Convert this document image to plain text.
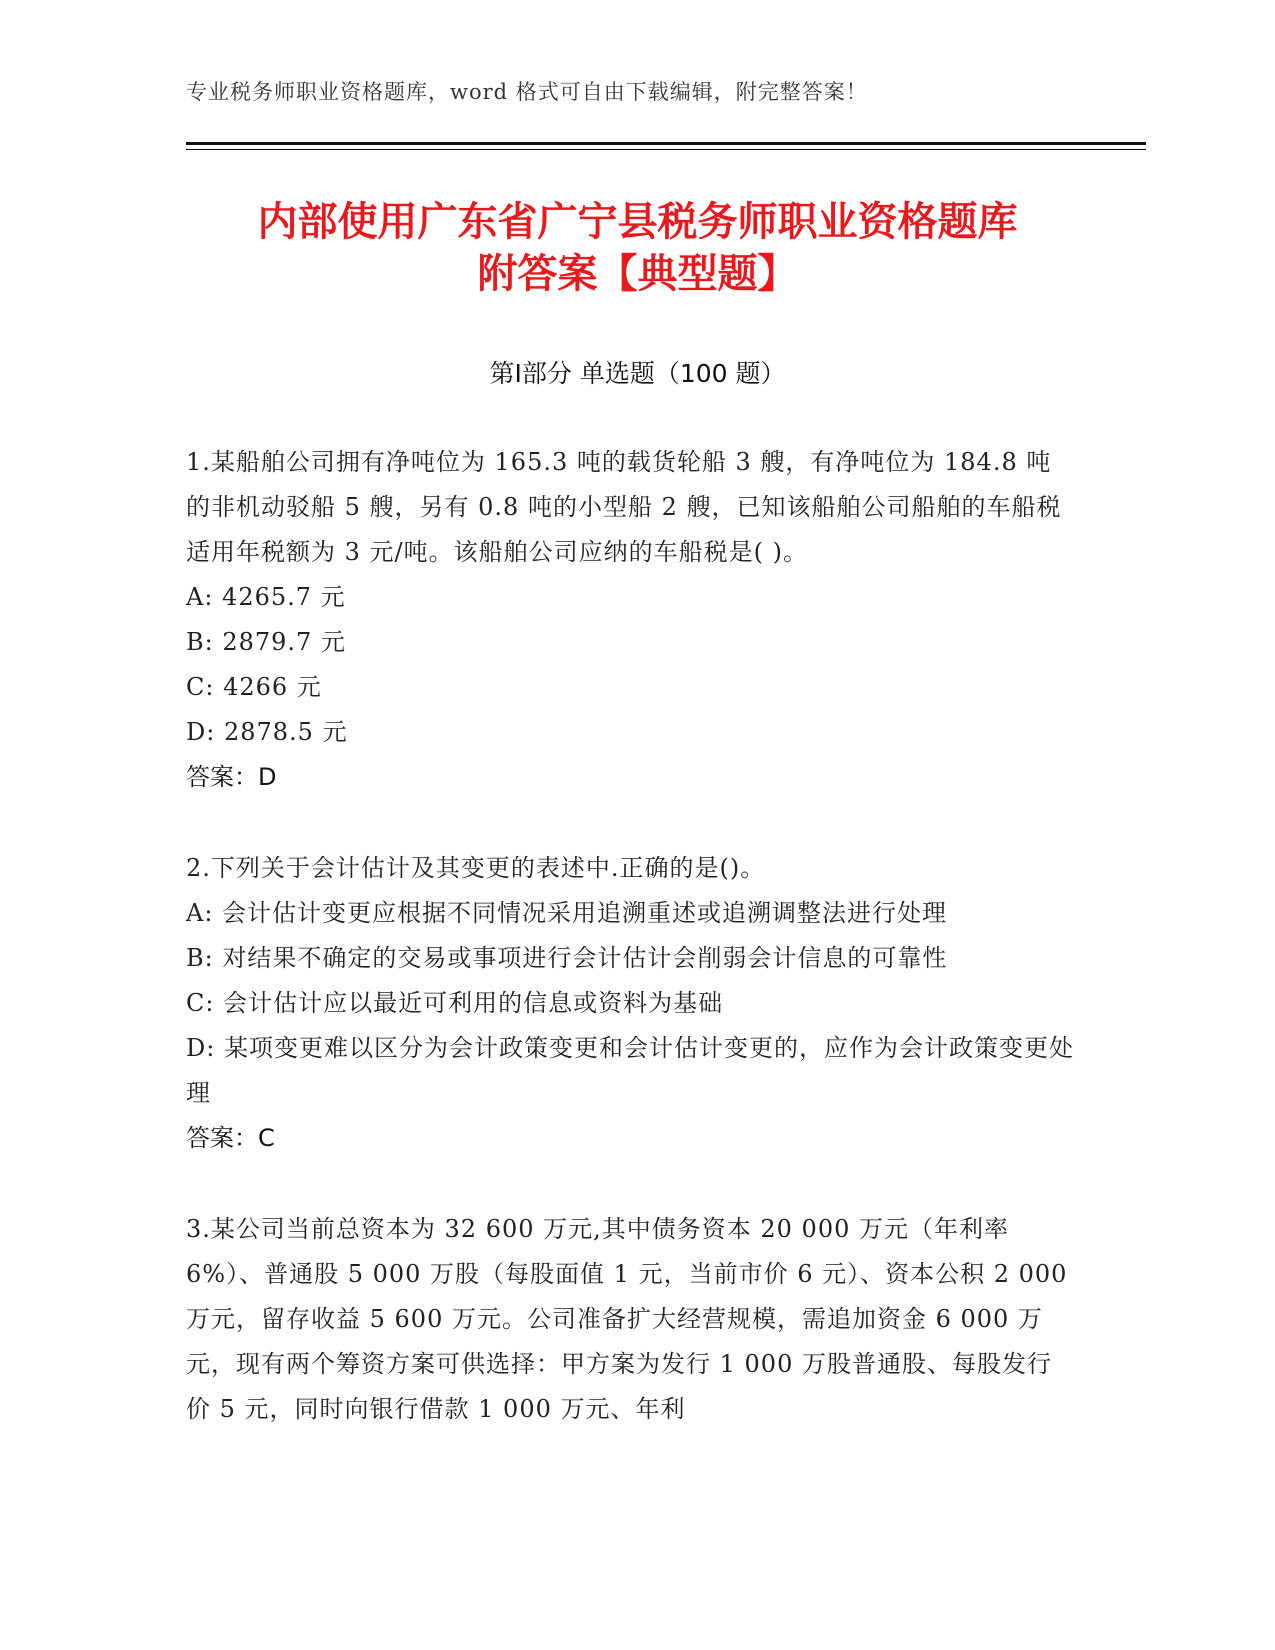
专业税务师职业资格题库，word 格式可自由下载编辑，附完整答案！
内部使用广东省广宁县税务师职业资格题库
附答案【典型题】
第Ⅰ部分 单选题（100 题）

1.某船舶公司拥有净吨位为 165.3 吨的载货轮船 3 艘，有净吨位为 184.8 吨的非机动驳船 5 艘，另有 0.8 吨的小型船 2 艘，已知该船舶公司船舶的车船税适用年税额为 3 元/吨。该船舶公司应纳的车船税是( )。

A: 4265.7 元

B: 2879.7 元

C: 4266 元

D: 2878.5 元

答案：D

2.下列关于会计估计及其变更的表述中.正确的是()。

A: 会计估计变更应根据不同情况采用追溯重述或追溯调整法进行处理

B: 对结果不确定的交易或事项进行会计估计会削弱会计信息的可靠性

C: 会计估计应以最近可利用的信息或资料为基础

D: 某项变更难以区分为会计政策变更和会计估计变更的，应作为会计政策变更处理

答案：C

3.某公司当前总资本为 32 600 万元,其中债务资本 20 000 万元（年利率 6%）、普通股 5 000 万股（每股面值 1 元，当前市价 6 元）、资本公积 2 000 万元，留存收益 5 600 万元。公司准备扩大经营规模，需追加资金 6 000 万元，现有两个筹资方案可供选择：甲方案为发行 1 000 万股普通股、每股发行价 5 元，同时向银行借款 1 000 万元、年利
